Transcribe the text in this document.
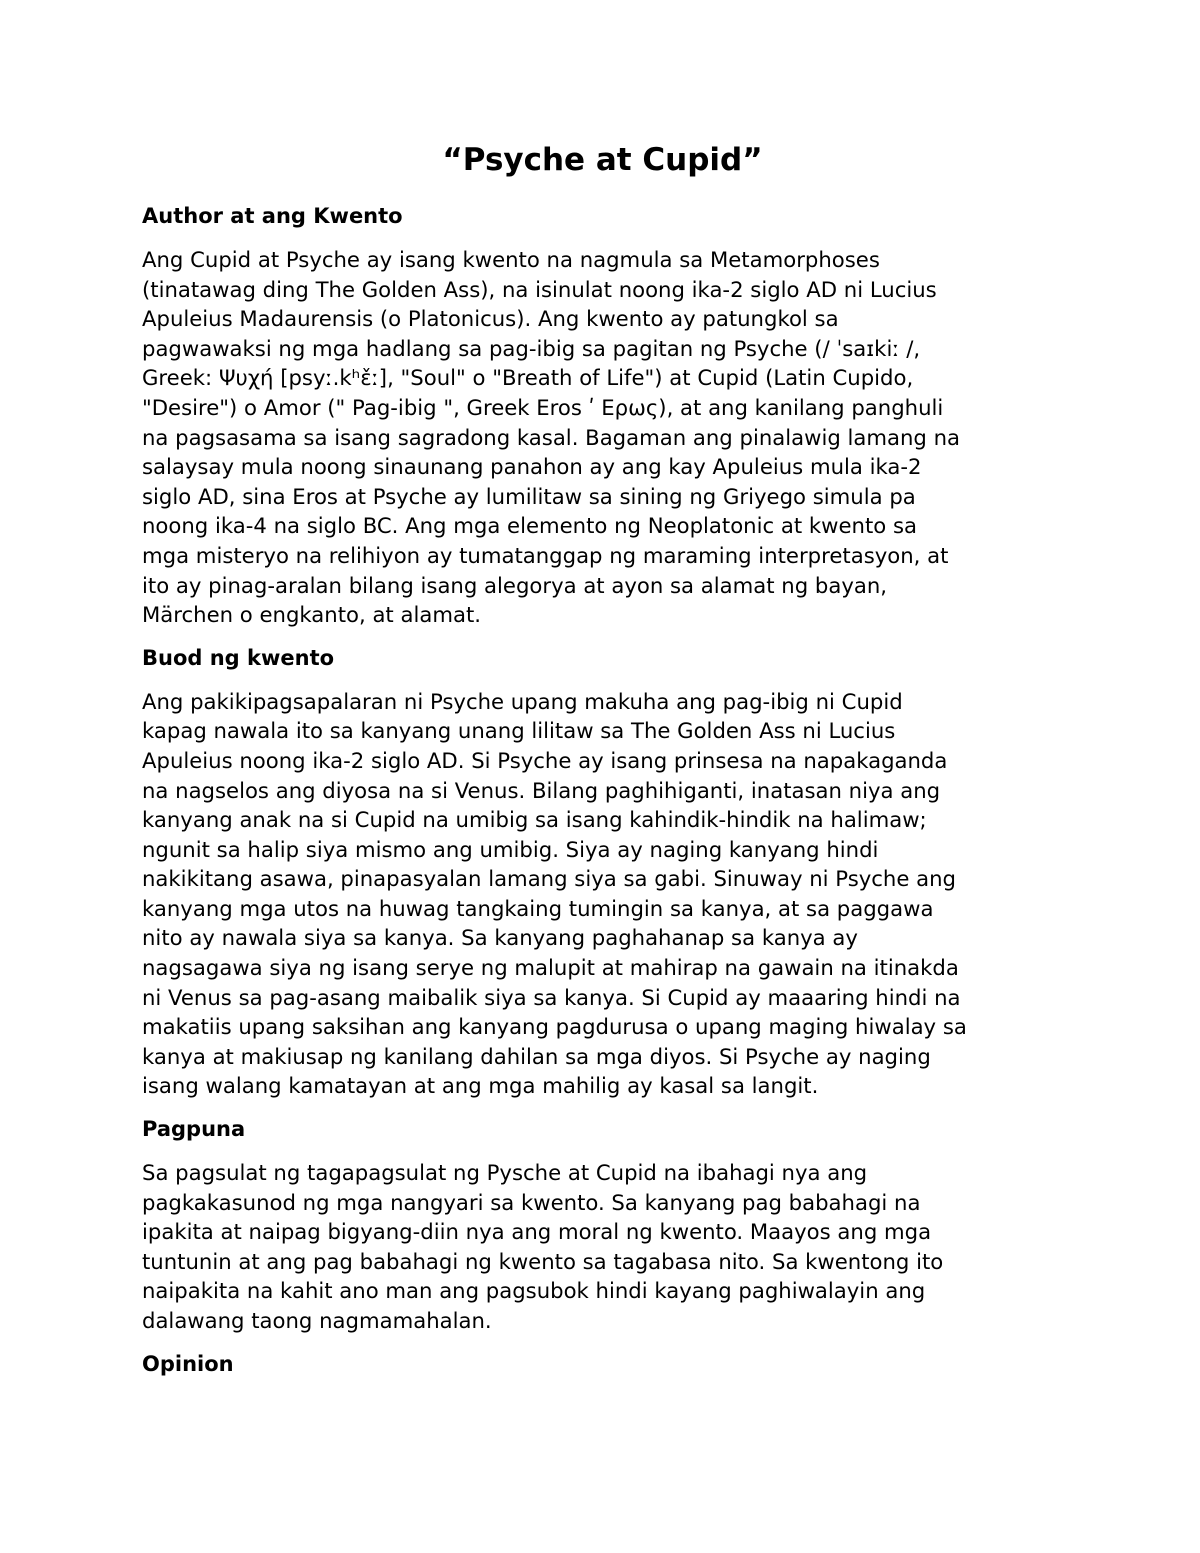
“Psyche at Cupid”
Author at ang Kwento
Ang Cupid at Psyche ay isang kwento na nagmula sa Metamorphoses
(tinatawag ding The Golden Ass), na isinulat noong ika-2 siglo AD ni Lucius
Apuleius Madaurensis (o Platonicus). Ang kwento ay patungkol sa
pagwawaksi ng mga hadlang sa pag-ibig sa pagitan ng Psyche (/ ˈsaɪkiː /,
Greek: Ψυχή [psyː.kʰɛ̌ː], "Soul" o "Breath of Life") at Cupid (Latin Cupido,
"Desire") o Amor (" Pag-ibig ", Greek Eros ʹ Ερως), at ang kanilang panghuli
na pagsasama sa isang sagradong kasal. Bagaman ang pinalawig lamang na
salaysay mula noong sinaunang panahon ay ang kay Apuleius mula ika-2
siglo AD, sina Eros at Psyche ay lumilitaw sa sining ng Griyego simula pa
noong ika-4 na siglo BC. Ang mga elemento ng Neoplatonic at kwento sa
mga misteryo na relihiyon ay tumatanggap ng maraming interpretasyon, at
ito ay pinag-aralan bilang isang alegorya at ayon sa alamat ng bayan,
Märchen o engkanto, at alamat.
Buod ng kwento
Ang pakikipagsapalaran ni Psyche upang makuha ang pag-ibig ni Cupid
kapag nawala ito sa kanyang unang lilitaw sa The Golden Ass ni Lucius
Apuleius noong ika-2 siglo AD. Si Psyche ay isang prinsesa na napakaganda
na nagselos ang diyosa na si Venus. Bilang paghihiganti, inatasan niya ang
kanyang anak na si Cupid na umibig sa isang kahindik-hindik na halimaw;
ngunit sa halip siya mismo ang umibig. Siya ay naging kanyang hindi
nakikitang asawa, pinapasyalan lamang siya sa gabi. Sinuway ni Psyche ang
kanyang mga utos na huwag tangkaing tumingin sa kanya, at sa paggawa
nito ay nawala siya sa kanya. Sa kanyang paghahanap sa kanya ay
nagsagawa siya ng isang serye ng malupit at mahirap na gawain na itinakda
ni Venus sa pag-asang maibalik siya sa kanya. Si Cupid ay maaaring hindi na
makatiis upang saksihan ang kanyang pagdurusa o upang maging hiwalay sa
kanya at makiusap ng kanilang dahilan sa mga diyos. Si Psyche ay naging
isang walang kamatayan at ang mga mahilig ay kasal sa langit.
Pagpuna
Sa pagsulat ng tagapagsulat ng Pysche at Cupid na ibahagi nya ang
pagkakasunod ng mga nangyari sa kwento. Sa kanyang pag babahagi na
ipakita at naipag bigyang-diin nya ang moral ng kwento. Maayos ang mga
tuntunin at ang pag babahagi ng kwento sa tagabasa nito. Sa kwentong ito
naipakita na kahit ano man ang pagsubok hindi kayang paghiwalayin ang
dalawang taong nagmamahalan.
Opinion
